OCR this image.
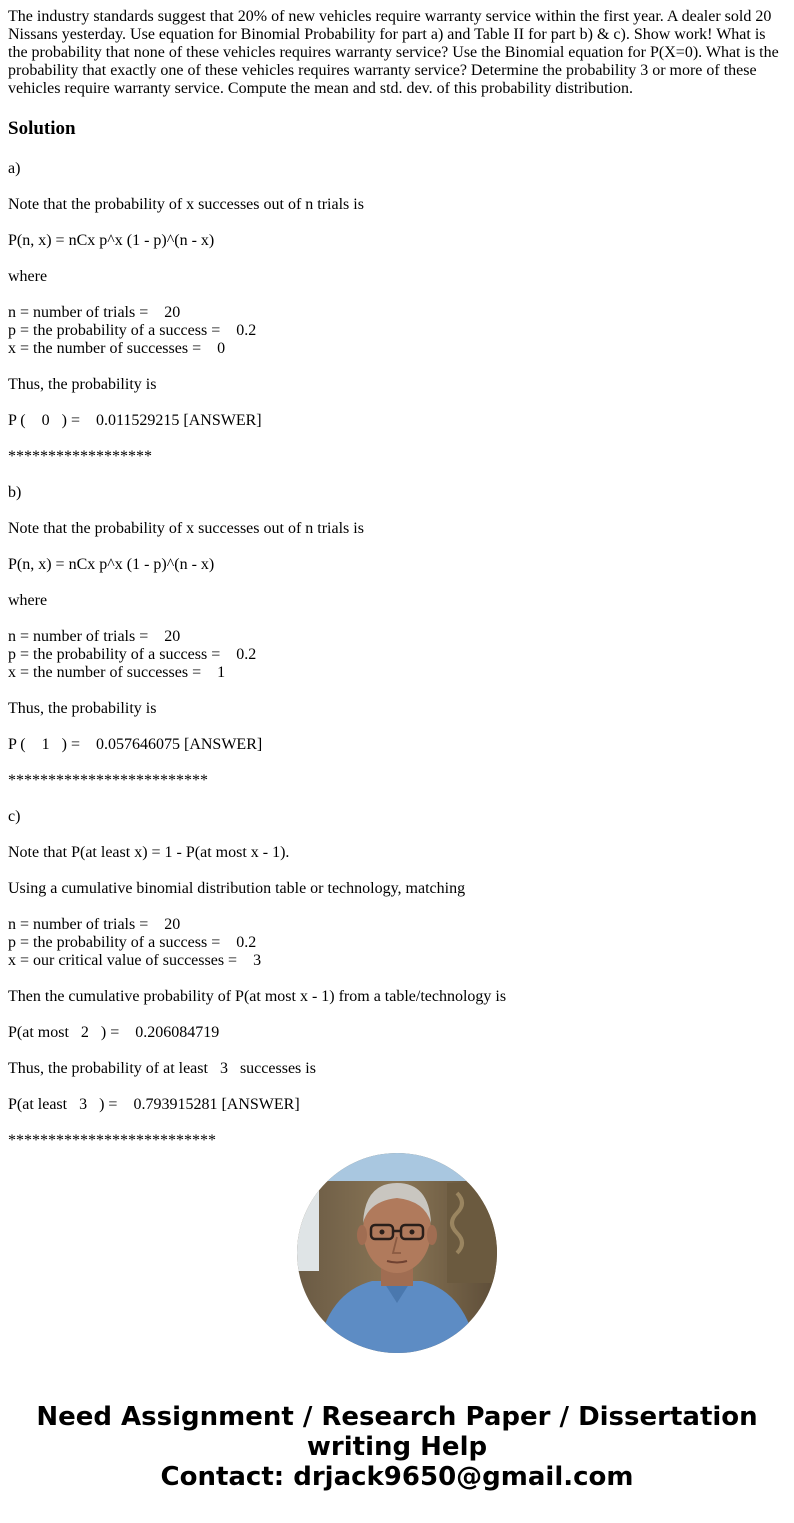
The industry standards suggest that 20% of new vehicles require warranty service within the first year. A dealer sold 20 Nissans yesterday. Use equation for Binomial Probability for part a) and Table II for part b) & c). Show work! What is the probability that none of these vehicles requires warranty service? Use the Binomial equation for P(X=0). What is the probability that exactly one of these vehicles requires warranty service? Determine the probability 3 or more of these vehicles require warranty service. Compute the mean and std. dev. of this probability distribution.

Solution
a)
Note that the probability of x successes out of n trials is
P(n, x) = nCx p^x (1 - p)^(n - x)
where
n = number of trials =    20
p = the probability of a success =    0.2
x = the number of successes =    0
Thus, the probability is
P (    0   ) =    0.011529215 [ANSWER]
******************
b)
Note that the probability of x successes out of n trials is
P(n, x) = nCx p^x (1 - p)^(n - x)
where
n = number of trials =    20
p = the probability of a success =    0.2
x = the number of successes =    1
Thus, the probability is
P (    1   ) =    0.057646075 [ANSWER]
*************************
c)
Note that P(at least x) = 1 - P(at most x - 1).
Using a cumulative binomial distribution table or technology, matching
n = number of trials =    20
p = the probability of a success =    0.2
x = our critical value of successes =    3
Then the cumulative probability of P(at most x - 1) from a table/technology is
P(at most   2   ) =    0.206084719
Thus, the probability of at least   3   successes is
P(at least   3   ) =    0.793915281 [ANSWER]
**************************
Need Assignment / Research Paper / Dissertation
writing Help
Contact: drjack9650@gmail.com
